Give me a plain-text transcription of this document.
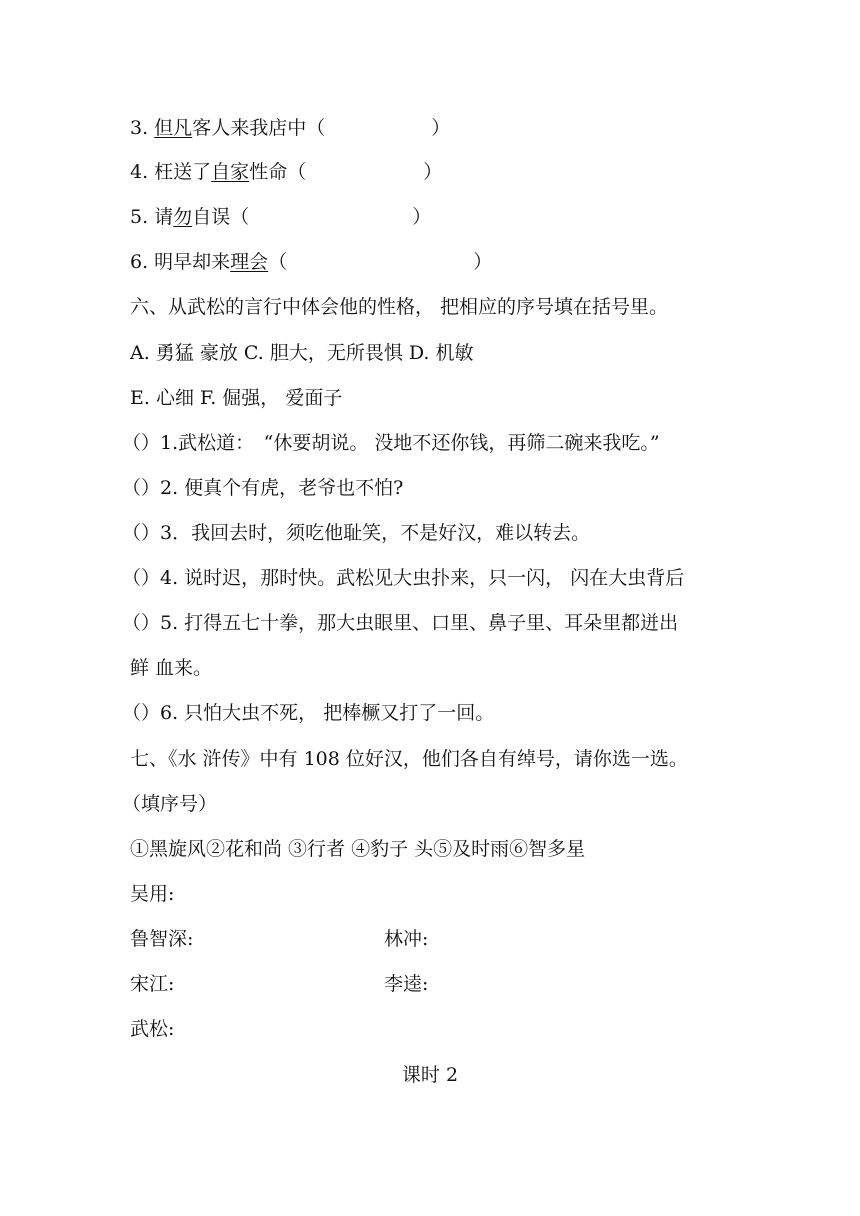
3. 但凡客人来我店中（	）
4. 枉送了自家性命（	）
5. 请勿自误（	）
6. 明早却来理会（	）
六、从武松的言行中体会他的性格， 把相应的序号填在括号里。
A. 勇猛 豪放 C. 胆大，无所畏惧 D. 机敏
E. 心细 F. 倔强， 爱面子
（）1.武松道：　“休要胡说。 没地不还你钱，再筛二碗来我吃。”
（）2. 便真个有虎，老爷也不怕?
（）3．我回去时，须吃他耻笑，不是好汉，难以转去。
（）4. 说时迟，那时快。武松见大虫扑来，只一闪， 闪在大虫背后
（）5. 打得五七十拳，那大虫眼里、口里、鼻子里、耳朵里都迸出
鲜 血来。
（）6. 只怕大虫不死， 把棒橛又打了一回。
七、《水 浒传》中有 108 位好汉，他们各自有绰号，请你选一选。
（填序号）
①黑旋风②花和尚 ③行者 ④豹子 头⑤及时雨⑥智多星
吴用:
鲁智深:	林冲:
宋江:	李逵:
武松:
课时 2
